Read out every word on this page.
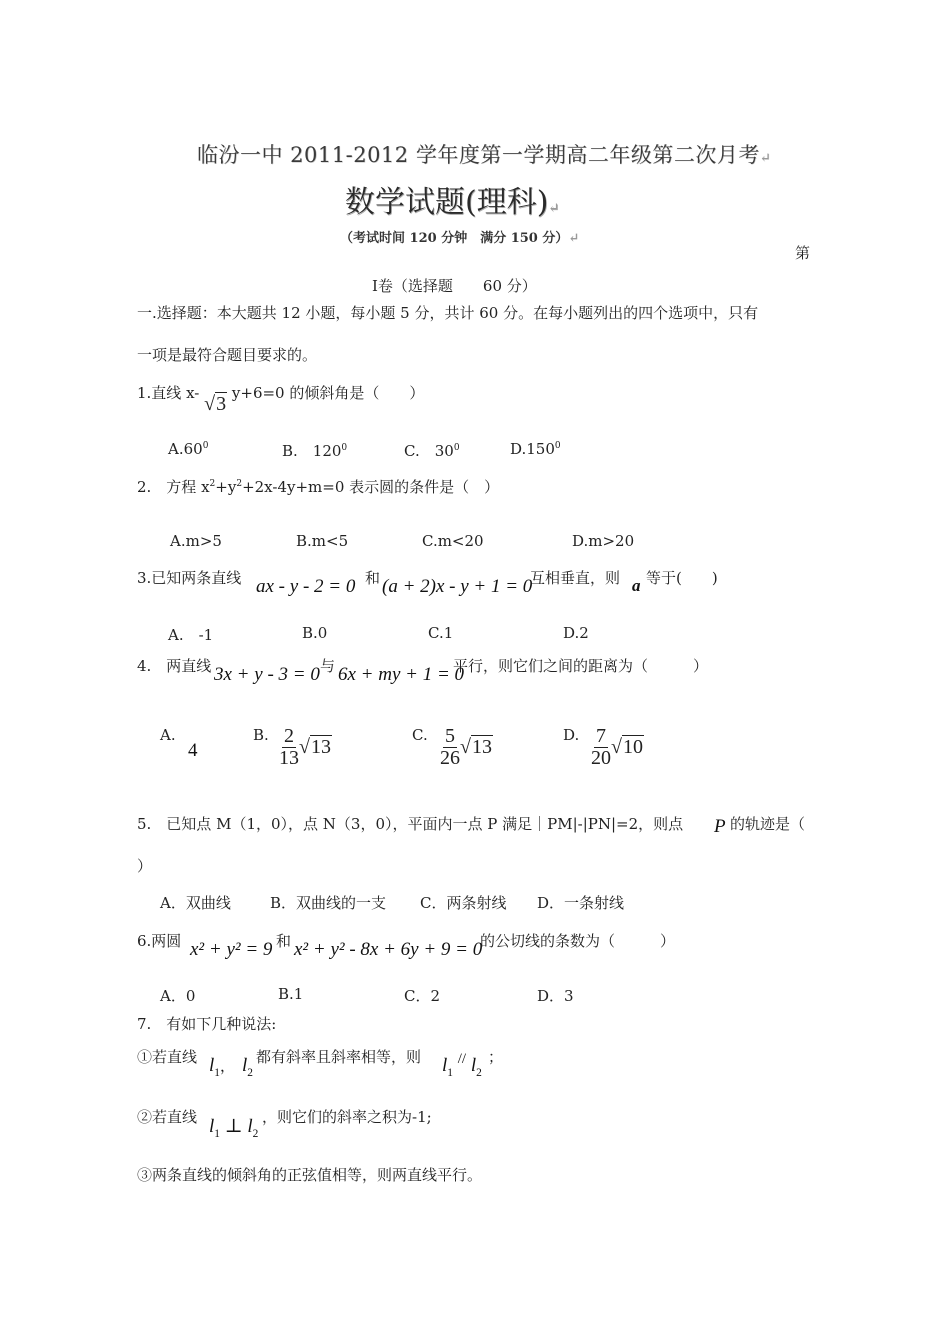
临汾一中 2011-2012 学年度第一学期高二年级第二次月考↵
数学试题(理科)↵
（考试时间 120 分钟　满分 150 分）↵
第
Ⅰ卷（选择题　　60 分）
一.选择题：本大题共 12 小题，每小题 5 分，共计 60 分。在每小题列出的四个选项中，只有
一项是最符合题目要求的。
1.直线 x- √3 y+6=0 的倾斜角是（　　）
$A.60^0$	B.　$120^0$	C.　$30^0$	D.150$^0$
2.　方程 $x^2+y^2+2x-4y+m=0$ 表示圆的条件是（　）
A.m>5	B.m<5	C.m<20	D.m>20
3.已知两条直线 ax - y - 2 = 0 和 (a + 2)x - y + 1 = 0
互相垂直，则 a 等于(　　)
A.　-1	B.0	C.1	D.2
4.　两直线 3x + y - 3 = 0 与 6x + my + 1 = 0
平行，则它们之间的距离为（　　　）
A.
4
B. $\frac{2}{13} √13$
C. $\frac{5}{26} √13$
D. $\frac{7}{20} √10$
5.　已知点 M（1，0），点 N（3，0），平面内一点 P 满足｜PM|-|PN|=2，则点 P 的轨迹是（
）
A．双曲线	B．双曲线的一支 C．两条射线 D．一条射线
6.两圆 x² + y² = 9 和 x² + y² - 8x + 6y + 9 = 0
的公切线的条数为（　　　）
A．0	B.1	C．2	D．3
7.　有如下几种说法:
①若直线 $l_1$， $l_2$
都有斜率且斜率相等，则 $l_1$ // $l_2$
；
②若直线 $l_1$ ⊥ $l_2$
，则它们的斜率之积为-1;
③两条直线的倾斜角的正弦值相等，则两直线平行。
